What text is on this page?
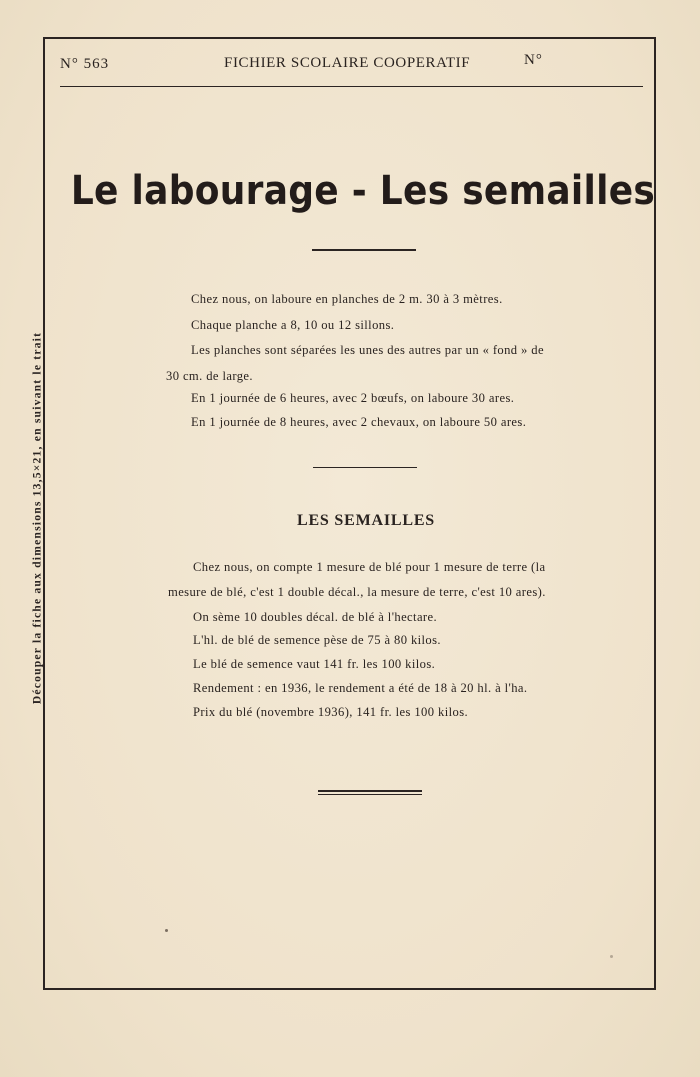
Découper la fiche aux dimensions 13,5×21, en suivant le trait
N° 563	FICHIER SCOLAIRE COOPERATIF	N°
Le labourage - Les semailles
Chez nous, on laboure en planches de 2 m. 30 à 3 mètres.
Chaque planche a 8, 10 ou 12 sillons.
Les planches sont séparées les unes des autres par un « fond » de
30 cm. de large.
En 1 journée de 6 heures, avec 2 bœufs, on laboure 30 ares.
En 1 journée de 8 heures, avec 2 chevaux, on laboure 50 ares.
LES SEMAILLES
Chez nous, on compte 1 mesure de blé pour 1 mesure de terre (la
mesure de blé, c'est 1 double décal., la mesure de terre, c'est 10 ares).
On sème 10 doubles décal. de blé à l'hectare.
L'hl. de blé de semence pèse de 75 à 80 kilos.
Le blé de semence vaut 141 fr. les 100 kilos.
Rendement : en 1936, le rendement a été de 18 à 20 hl. à l'ha.
Prix du blé (novembre 1936), 141 fr. les 100 kilos.
